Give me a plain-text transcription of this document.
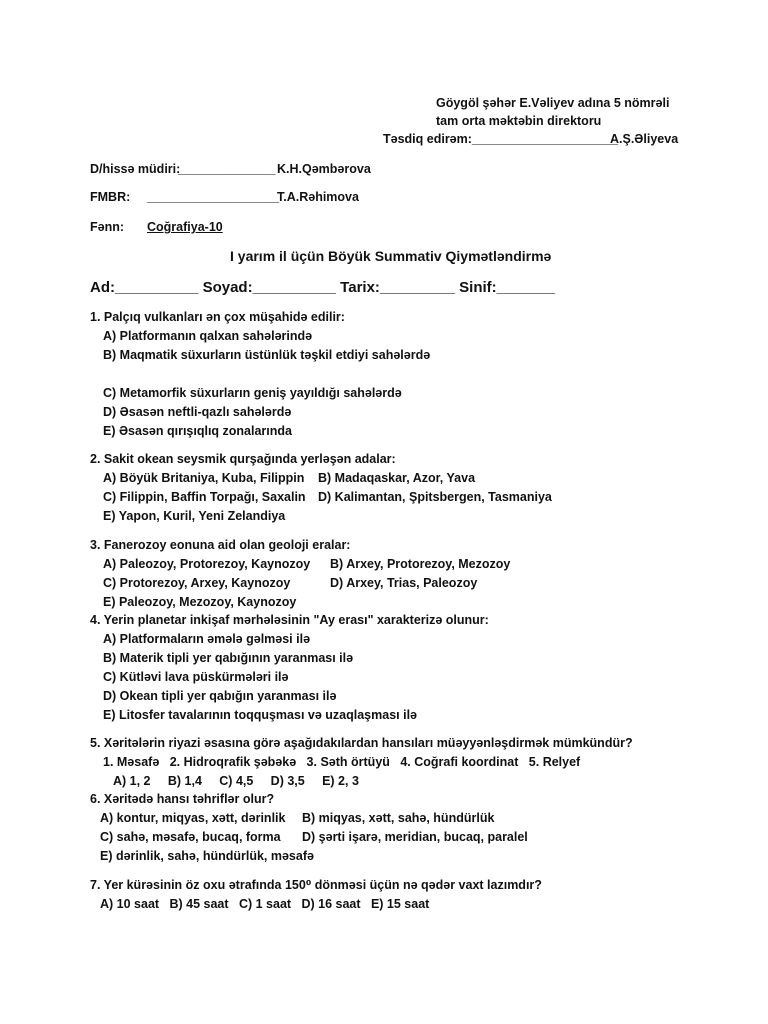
Göygöl şəhər E.Vəliyev adına 5 nömrəli
tam orta məktəbin direktoru
Təsdiq edirəm:_____________________
A.Ş.Əliyeva
D/hissə müdiri:
______________ K.H.Qəmbərova
FMBR: ___________________
T.A.Rəhimova
Fənn: Coğrafiya-10
I yarım il üçün Böyük Summativ Qiymətləndirmə
Ad:__________ Soyad:__________ Tarix:_________ Sinif:_______
1. Palçıq vulkanları ən çox müşahidə edilir:
A) Platformanın qalxan sahələrində
B) Maqmatik süxurların üstünlük təşkil etdiyi sahələrdə
C) Metamorfik süxurların geniş yayıldığı sahələrdə
D) Əsasən neftli-qazlı sahələrdə
E) Əsasən qırışıqlıq zonalarında
2. Sakit okean seysmik qurşağında yerləşən adalar:
A) Böyük Britaniya, Kuba, Filippin B) Madaqaskar, Azor, Yava
C) Filippin, Baffin Torpağı, Saxalin D) Kalimantan, Şpitsbergen, Tasmaniya
E) Yapon, Kuril, Yeni Zelandiya
3. Fanerozoy eonuna aid olan geoloji eralar:
A) Paleozoy, Protorezoy, Kaynozoy B) Arxey, Protorezoy, Mezozoy
C) Protorezoy, Arxey, Kaynozoy	D) Arxey, Trias, Paleozoy
E) Paleozoy, Mezozoy, Kaynozoy
4. Yerin planetar inkişaf mərhələsinin "Ay erası" xarakterizə olunur:
A) Platformaların əmələ gəlməsi ilə
B) Materik tipli yer qabığının yaranması ilə
C) Kütləvi lava püskürmələri ilə
D) Okean tipli yer qabığın yaranması ilə
E) Litosfer tavalarının toqquşması və uzaqlaşması ilə
5. Xəritələrin riyazi əsasına görə aşağıdakılardan hansıları müəyyənləşdirmək mümkündür?
1. Məsafə   2. Hidroqrafik şəbəkə   3. Səth örtüyü   4. Coğrafi koordinat   5. Relyef
A) 1, 2     B) 1,4     C) 4,5     D) 3,5     E) 2, 3
6. Xəritədə hansı təhriflər olur?
A) kontur, miqyas, xətt, dərinlik B) miqyas, xətt, sahə, hündürlük
C) sahə, məsafə, bucaq, forma D) şərti işarə, meridian, bucaq, paralel
E) dərinlik, sahə, hündürlük, məsafə
7. Yer kürəsinin öz oxu ətrafında 150⁰ dönməsi üçün nə qədər vaxt lazımdır?
A) 10 saat   B) 45 saat   C) 1 saat   D) 16 saat   E) 15 saat
